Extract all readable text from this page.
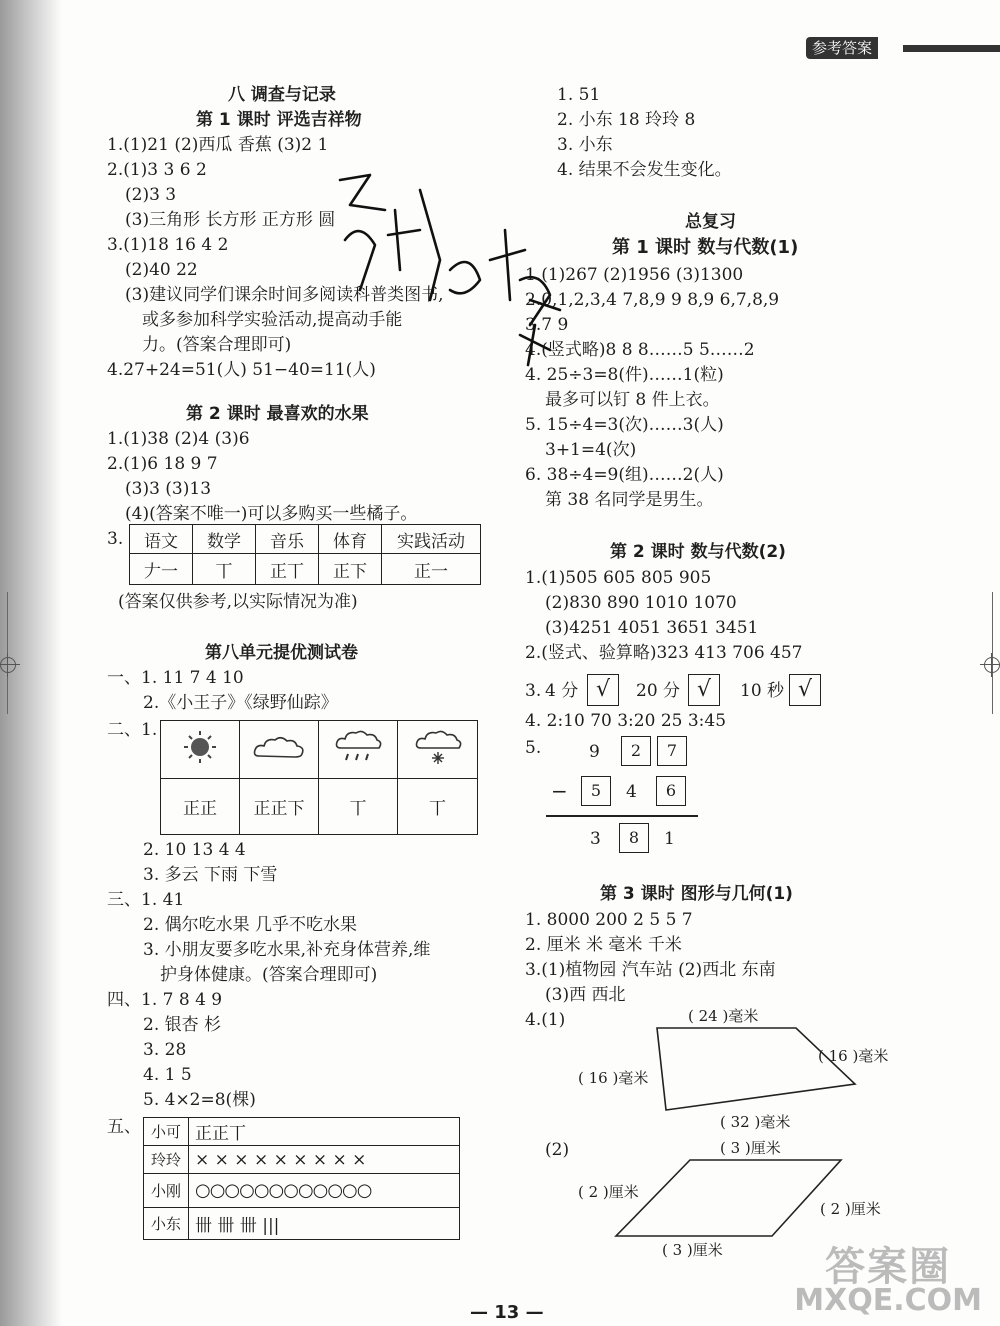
参考答案
八 调查与记录
第 1 课时 评选吉祥物
1.(1)21 (2)西瓜 香蕉 (3)2 1
2.(1)3 3 6 2
(2)3 3
(3)三角形 长方形 正方形 圆
3.(1)18 16 4 2
(2)40 22
(3)建议同学们课余时间多阅读科普类图书,
或多参加科学实验活动,提高动手能
力。(答案合理即可)
4.27+24=51(人) 51−40=11(人)
第 2 课时 最喜欢的水果
1.(1)38 (2)4 (3)6
2.(1)6 18 9 7
(3)3 (3)13
(4)(答案不唯一)可以多购买一些橘子。
3. 语文	数学	音乐	体育	实践活动
𠂇一	丅	正丅	正下	正一
(答案仅供参考,以实际情况为准)
第八单元提优测试卷
一、1. 11 7 4 10
2.《小王子》《绿野仙踪》
二、1.

正正	正正下	丅	丅
2. 10 13 4 4
3. 多云 下雨 下雪
三、1. 41
2. 偶尔吃水果 几乎不吃水果
3. 小朋友要多吃水果,补充身体营养,维
护身体健康。(答案合理即可)
四、1. 7 8 4 9
2. 银杏 杉
3. 28
4. 1 5
5. 4×2=8(棵)
五、 小可	正正丅
玲玲	× × × × × × × × ×
小刚	○○○○○○○○○○○○
小东	卌 卌 卌 |||
1. 51
2. 小东 18 玲玲 8
3. 小东
4. 结果不会发生变化。
总复习
第 1 课时 数与代数(1)
1.(1)267 (2)1956 (3)1300
2.0,1,2,3,4 7,8,9 9 8,9 6,7,8,9
3.7 9
4.(竖式略)8 8 8……5 5……2
4. 25÷3=8(件)……1(粒)
最多可以钉 8 件上衣。
5. 15÷4=3(次)……3(人)
3+1=4(次)
6. 38÷4=9(组)……2(人)
第 38 名同学是男生。
第 2 课时 数与代数(2)
1.(1)505 605 805 905
(2)830 890 1010 1070
(3)4251 4051 3651 3451
2.(竖式、验算略)323 413 706 457
3. 4 分 √	20 分 √	10 秒 √
4. 2:10 70 3:20 25 3:45
5.	9	2	7
−	5	4	6
3	8	1
第 3 课时 图形与几何(1)
1. 8000 200 2 5 5 7
2. 厘米 米 毫米 千米
3.(1)植物园 汽车站 (2)西北 东南
(3)西 西北
4.(1)	( 24 )毫米
( 16 )毫米
( 16 )毫米
( 32 )毫米
(2)	( 3 )厘米
( 2 )厘米
( 2 )厘米
( 3 )厘米
— 13 —
答案圈
MXQE.COM
